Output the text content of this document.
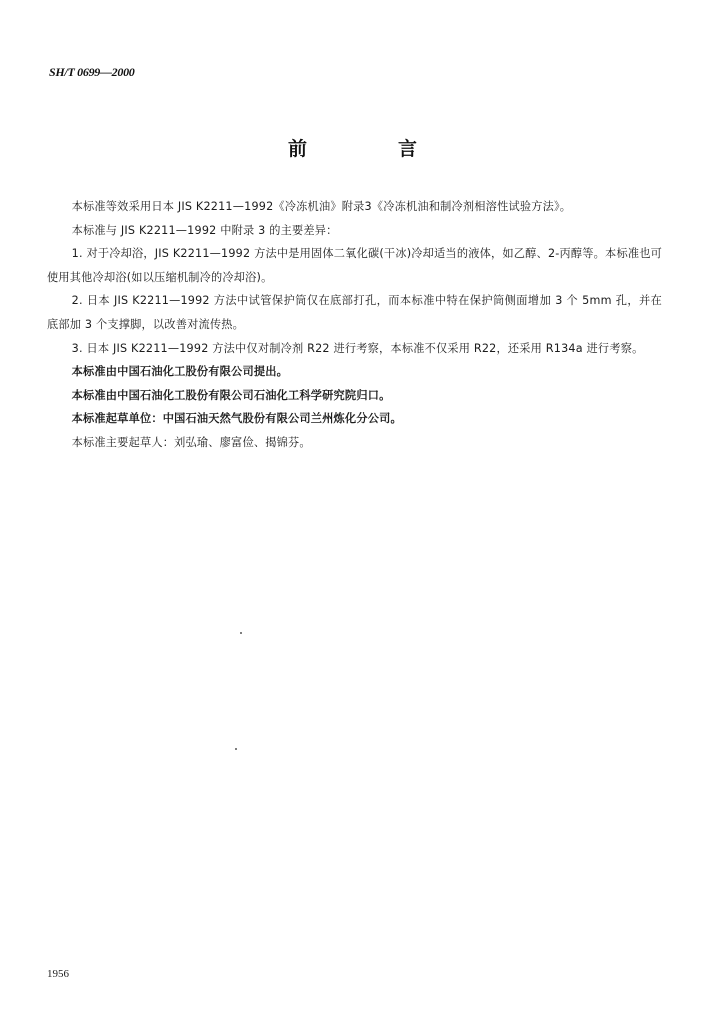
SH/T 0699—2000
前　言

本标准等效采用日本 JIS K2211—1992《冷冻机油》附录3《冷冻机油和制冷剂相溶性试验方法》。

本标准与 JIS K2211—1992 中附录 3 的主要差异：

1. 对于冷却浴，JIS K2211—1992 方法中是用固体二氧化碳(干冰)冷却适当的液体，如乙醇、2-丙醇等。本标准也可使用其他冷却浴(如以压缩机制冷的冷却浴)。

2. 日本 JIS K2211—1992 方法中试管保护筒仅在底部打孔，而本标准中特在保护筒侧面增加 3 个 5mm 孔，并在底部加 3 个支撑脚，以改善对流传热。

3. 日本 JIS K2211—1992 方法中仅对制冷剂 R22 进行考察，本标准不仅采用 R22，还采用 R134a 进行考察。

本标准由中国石油化工股份有限公司提出。

本标准由中国石油化工股份有限公司石油化工科学研究院归口。

本标准起草单位：中国石油天然气股份有限公司兰州炼化分公司。

本标准主要起草人：刘弘瑜、廖富俭、揭锦芬。

1956
